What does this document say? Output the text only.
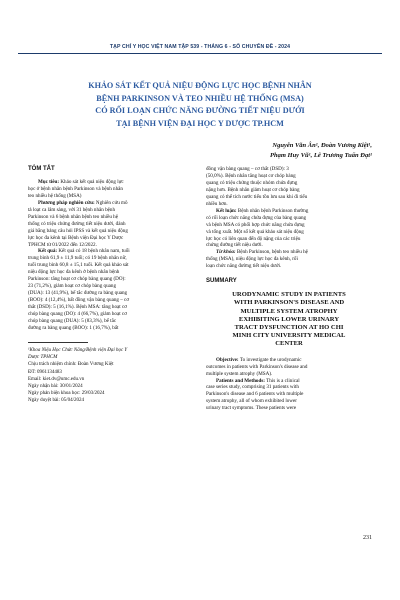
TẠP CHÍ Y HỌC VIỆT NAM TẬP 539 - THÁNG 6 - SỐ CHUYÊN ĐỀ - 2024
KHẢO SÁT KẾT QUẢ NIỆU ĐỘNG LỰC HỌC BỆNH NHÂN
BỆNH PARKINSON VÀ TEO NHIỀU HỆ THỐNG (MSA)
CÓ RỐI LOẠN CHỨC NĂNG ĐƯỜNG TIẾT NIỆU DƯỚI
TẠI BỆNH VIỆN ĐẠI HỌC Y DƯỢC TP.HCM
Nguyễn Văn Ân¹, Đoàn Vương Kiệt¹,
Phạm Huy Vũ¹, Lê Trương Tuấn Đạt¹
TÓM TẮT
Mục tiêu: Khảo sát kết quả niệu động lực
học ở bệnh nhân bệnh Parkinson và bệnh nhân
teo nhiều hệ thống (MSA)
Phương pháp nghiên cứu: Nghiên cứu mô
tả loạt ca lâm sàng, với 31 bệnh nhân bệnh
Parkinson và 6 bệnh nhân bệnh teo nhiều hệ
thống có triệu chứng đường tiết niệu dưới, đánh
giá bằng bảng câu hỏi IPSS và kết quả niệu động
lực học đa kênh tại Bệnh viện Đại học Y Dược
TPHCM từ 01/2022 đến 12/2022.
Kết quả: Kết quả có 18 bệnh nhân nam, tuổi
trung bình 61,9 ± 11,9 tuổi; có 19 bệnh nhân nữ,
tuổi trung bình 60,8 ± 15,1 tuổi. Kết quả khảo sát
niệu động lực học đa kênh ở bệnh nhân bệnh
Parkinson: tăng hoạt cơ chóp bàng quang (DO):
23 (71,2%), giảm hoạt cơ chóp bàng quang
(DUA): 13 (41,9%), bế tắc đường ra bàng quang
(BOO): 4 (12,4%), bất đồng vận bàng quang – cơ
thắt (DSD): 5 (16,1%). Bệnh MSA: tăng hoạt cơ
chóp bàng quang (DO): 4 (66,7%), giảm hoạt cơ
chóp bàng quang (DUA): 5 (83,3%), bế tắc
đường ra bàng quang (BOO): 1 (16,7%), bất
¹Khoa Niệu Học Chức Năng/Bệnh viện Đại học Y
Dược TPHCM
Chịu trách nhiệm chính: Đoàn Vương Kiệt
ĐT: 0961134483
Email: kiet.dv@umc.edu.vn
Ngày nhận bài: 30/01/2024
Ngày phản biện khoa học: 29/03/2024
Ngày duyệt bài: 05/04/2024
đồng vận bàng quang – cơ thắt (DSD): 3
(50,0%). Bệnh nhân tăng hoạt cơ chóp bàng
quang có triệu chứng thuộc nhóm chứa đựng
nặng hơn. Bệnh nhân giảm hoạt cơ chóp bàng
quang có thể tích nước tiểu tồn lưu sau khi đi tiểu
nhiều hơn.
Kết luận: Bệnh nhân bệnh Parkinson thường
có rối loạn chức năng chứa đựng của bàng quang
và bệnh MSA có phối hợp chức năng chứa đựng
và tống xuất. Một số kết quả khảo sát niệu động
lực học có liên quan đến độ nặng của các triệu
chứng đường tiết niệu dưới.
Từ khóa: Bệnh Parkinson, bệnh teo nhiều hệ
thống (MSA), niệu động lực học đa kênh, rối
loạn chức năng đường tiết niệu dưới.
SUMMARY
URODYNAMIC STUDY IN PATIENTS
WITH PARKINSON'S DISEASE AND
MULTIPLE SYSTEM ATROPHY
EXHIBITING LOWER URINARY
TRACT DYSFUNCTION AT HO CHI
MINH CITY UNIVERSITY MEDICAL
CENTER
Objective: To investigate the urodynamic
outcomes in patients with Parkinson's disease and
multiple system atrophy (MSA).
Patients and Methods: This is a clinical
case series study, comprising 31 patients with
Parkinson's disease and 6 patients with multiple
system atrophy, all of whom exhibited lower
urinary tract symptoms. These patients were
231
